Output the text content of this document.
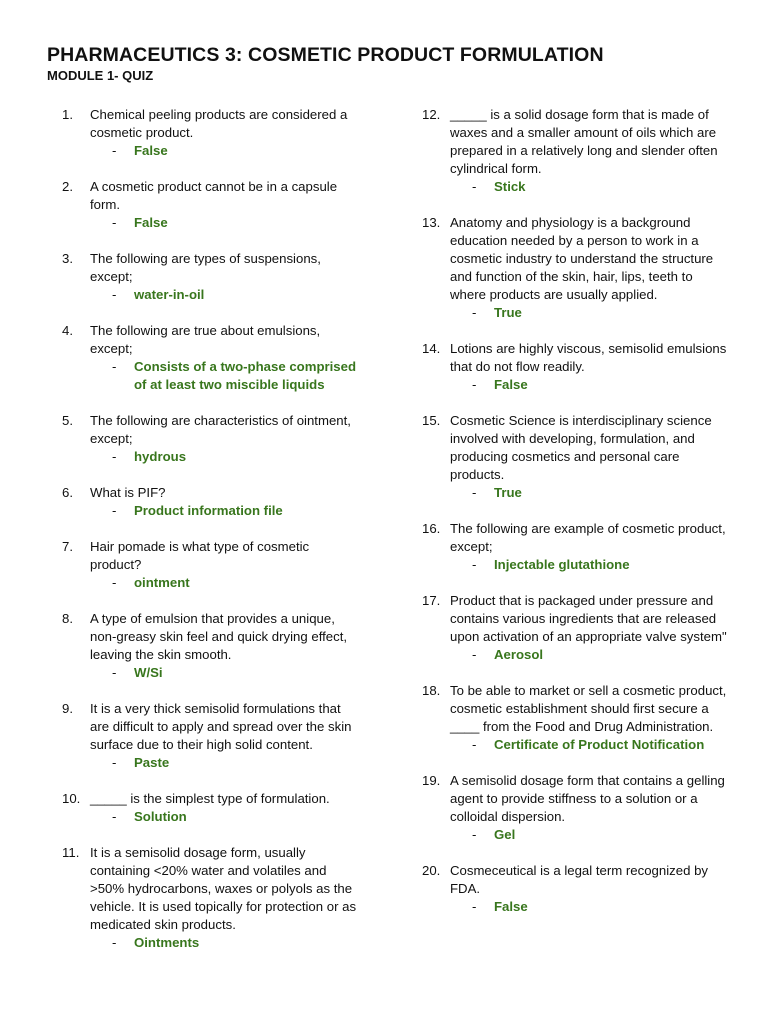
PHARMACEUTICS 3: COSMETIC PRODUCT FORMULATION
MODULE 1- QUIZ
1.	Chemical peeling products are considered a cosmetic product.
-	False
2.	A cosmetic product cannot be in a capsule form.
-	False
3.	The following are types of suspensions, except;
-	water-in-oil
4.	The following are true about emulsions, except;
-	Consists of a two-phase comprised of at least two miscible liquids
5.	The following are characteristics of ointment, except;
-	hydrous
6.	What is PIF?
-	Product information file
7.	Hair pomade is what type of cosmetic product?
-	ointment
8.	A type of emulsion that provides a unique, non-greasy skin feel and quick drying effect, leaving the skin smooth.
-	W/Si
9.	It is a very thick semisolid formulations that are difficult to apply and spread over the skin surface due to their high solid content.
-	Paste
10. _____ is the simplest type of formulation.
-	Solution
11. It is a semisolid dosage form, usually containing <20% water and volatiles and >50% hydrocarbons, waxes or polyols as the vehicle. It is used topically for protection or as medicated skin products.
-	Ointments
12. _____ is a solid dosage form that is made of waxes and a smaller amount of oils which are prepared in a relatively long and slender often cylindrical form.
-	Stick
13. Anatomy and physiology is a background education needed by a person to work in a cosmetic industry to understand the structure and function of the skin, hair, lips, teeth to where products are usually applied.
-	True
14. Lotions are highly viscous, semisolid emulsions that do not flow readily.
-	False
15. Cosmetic Science is interdisciplinary science involved with developing, formulation, and producing cosmetics and personal care products.
-	True
16. The following are example of cosmetic product, except;
-	Injectable glutathione
17. Product that is packaged under pressure and contains various ingredients that are released upon activation of an appropriate valve system"
-	Aerosol
18. To be able to market or sell a cosmetic product, cosmetic establishment should first secure a ____ from the Food and Drug Administration.
-	Certificate of Product Notification
19. A semisolid dosage form that contains a gelling agent to provide stiffness to a solution or a colloidal dispersion.
-	Gel
20. Cosmeceutical is a legal term recognized by FDA.
-	False
